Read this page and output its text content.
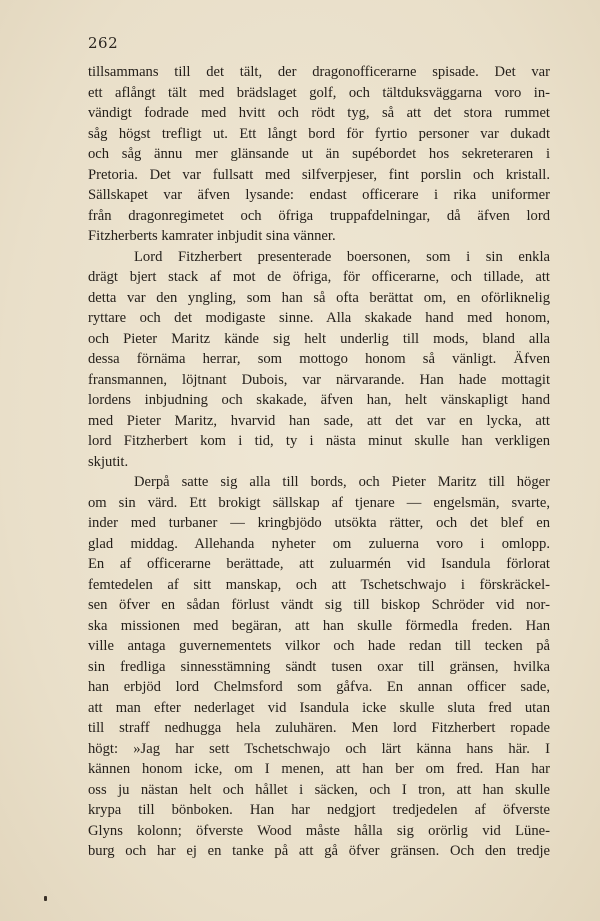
262
tillsammans till det tält, der dragonofficerarne spisade. Det var
ett aflångt tält med brädslaget golf, och tältduksväggarna voro in-
vändigt fodrade med hvitt och rödt tyg, så att det stora rummet
såg högst trefligt ut. Ett långt bord för fyrtio personer var dukadt
och såg ännu mer glänsande ut än supébordet hos sekreteraren i
Pretoria. Det var fullsatt med silfverpjeser, fint porslin och kristall.
Sällskapet var äfven lysande: endast officerare i rika uniformer
från dragonregimetet och öfriga truppafdelningar, då äfven lord
Fitzherberts kamrater inbjudit sina vänner.
Lord Fitzherbert presenterade boersonen, som i sin enkla
drägt bjert stack af mot de öfriga, för officerarne, och tillade, att
detta var den yngling, som han så ofta berättat om, en oförliknelig
ryttare och det modigaste sinne. Alla skakade hand med honom,
och Pieter Maritz kände sig helt underlig till mods, bland alla
dessa förnäma herrar, som mottogo honom så vänligt. Äfven
fransmannen, löjtnant Dubois, var närvarande. Han hade mottagit
lordens inbjudning och skakade, äfven han, helt vänskapligt hand
med Pieter Maritz, hvarvid han sade, att det var en lycka, att
lord Fitzherbert kom i tid, ty i nästa minut skulle han verkligen
skjutit.
Derpå satte sig alla till bords, och Pieter Maritz till höger
om sin värd. Ett brokigt sällskap af tjenare — engelsmän, svarte,
inder med turbaner — kringbjödo utsökta rätter, och det blef en
glad middag. Allehanda nyheter om zuluerna voro i omlopp.
En af officerarne berättade, att zuluarmén vid Isandula förlorat
femtedelen af sitt manskap, och att Tschetschwajo i förskräckel-
sen öfver en sådan förlust vändt sig till biskop Schröder vid nor-
ska missionen med begäran, att han skulle förmedla freden. Han
ville antaga guvernementets vilkor och hade redan till tecken på
sin fredliga sinnesstämning sändt tusen oxar till gränsen, hvilka
han erbjöd lord Chelmsford som gåfva. En annan officer sade,
att man efter nederlaget vid Isandula icke skulle sluta fred utan
till straff nedhugga hela zuluhären. Men lord Fitzherbert ropade
högt: »Jag har sett Tschetschwajo och lärt känna hans här. I
kännen honom icke, om I menen, att han ber om fred. Han har
oss ju nästan helt och hållet i säcken, och I tron, att han skulle
krypa till bönboken. Han har nedgjort tredjedelen af öfverste
Glyns kolonn; öfverste Wood måste hålla sig orörlig vid Lüne-
burg och har ej en tanke på att gå öfver gränsen. Och den tredje
